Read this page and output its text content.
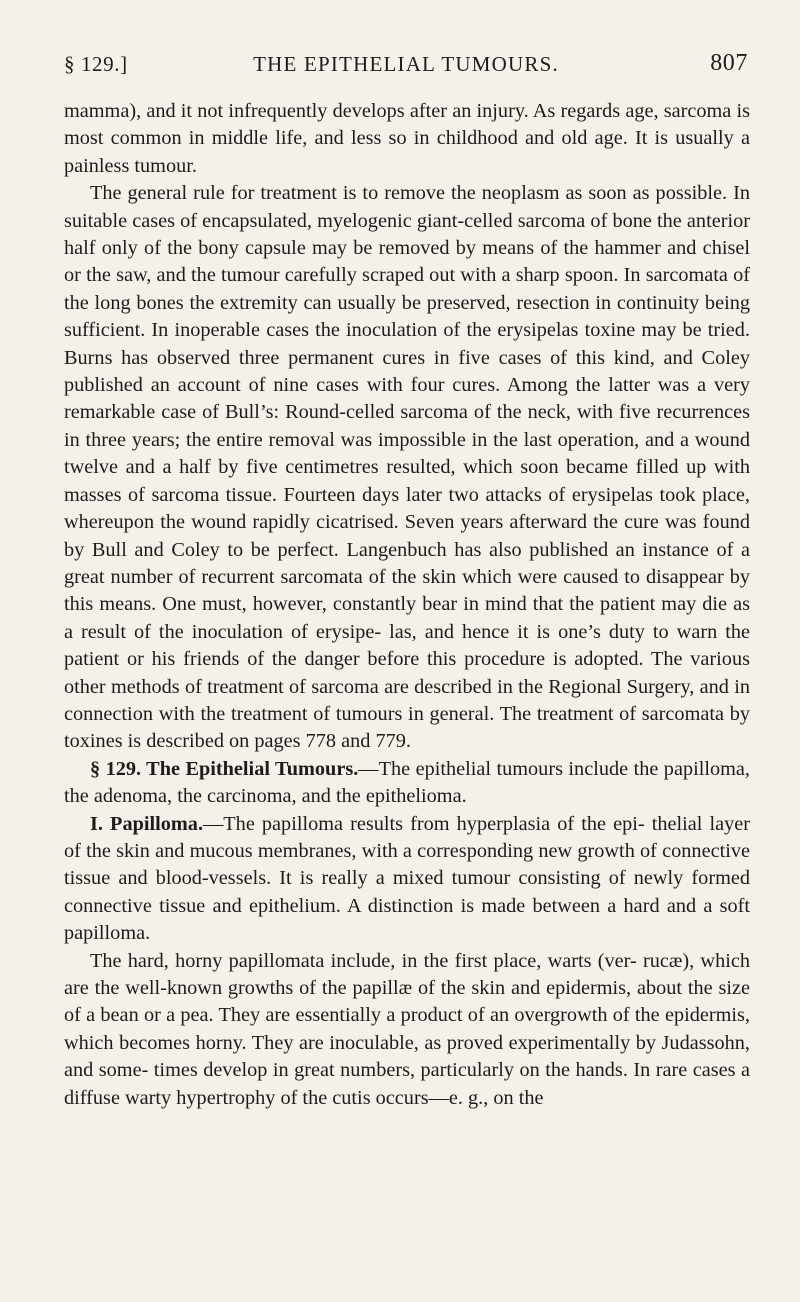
§ 129.]	THE EPITHELIAL TUMOURS.	807

mamma), and it not infrequently develops after an injury. As regards age, sarcoma is most common in middle life, and less so in childhood and old age. It is usually a painless tumour.

The general rule for treatment is to remove the neoplasm as soon as possible. In suitable cases of encapsulated, myelogenic giant-celled sarcoma of bone the anterior half only of the bony capsule may be removed by means of the hammer and chisel or the saw, and the tumour carefully scraped out with a sharp spoon. In sarcomata of the long bones the extremity can usually be preserved, resection in continuity being sufficient. In inoperable cases the inoculation of the erysipelas toxine may be tried. Burns has observed three permanent cures in five cases of this kind, and Coley published an account of nine cases with four cures. Among the latter was a very remarkable case of Bull’s: Round-celled sarcoma of the neck, with five recurrences in three years; the entire removal was impossible in the last operation, and a wound twelve and a half by five centimetres resulted, which soon became filled up with masses of sarcoma tissue. Fourteen days later two attacks of erysipelas took place, whereupon the wound rapidly cicatrised. Seven years afterward the cure was found by Bull and Coley to be perfect. Langenbuch has also published an instance of a great number of recurrent sarcomata of the skin which were caused to disappear by this means. One must, however, constantly bear in mind that the patient may die as a result of the inoculation of erysipe- las, and hence it is one’s duty to warn the patient or his friends of the danger before this procedure is adopted. The various other methods of treatment of sarcoma are described in the Regional Surgery, and in connection with the treatment of tumours in general. The treatment of sarcomata by toxines is described on pages 778 and 779.

§ 129. The Epithelial Tumours.—The epithelial tumours include the papilloma, the adenoma, the carcinoma, and the epithelioma.

I. Papilloma.—The papilloma results from hyperplasia of the epi- thelial layer of the skin and mucous membranes, with a corresponding new growth of connective tissue and blood-vessels. It is really a mixed tumour consisting of newly formed connective tissue and epithelium. A distinction is made between a hard and a soft papilloma.

The hard, horny papillomata include, in the first place, warts (ver- rucæ), which are the well-known growths of the papillæ of the skin and epidermis, about the size of a bean or a pea. They are essentially a product of an overgrowth of the epidermis, which becomes horny. They are inoculable, as proved experimentally by Judassohn, and some- times develop in great numbers, particularly on the hands. In rare cases a diffuse warty hypertrophy of the cutis occurs—e. g., on the
